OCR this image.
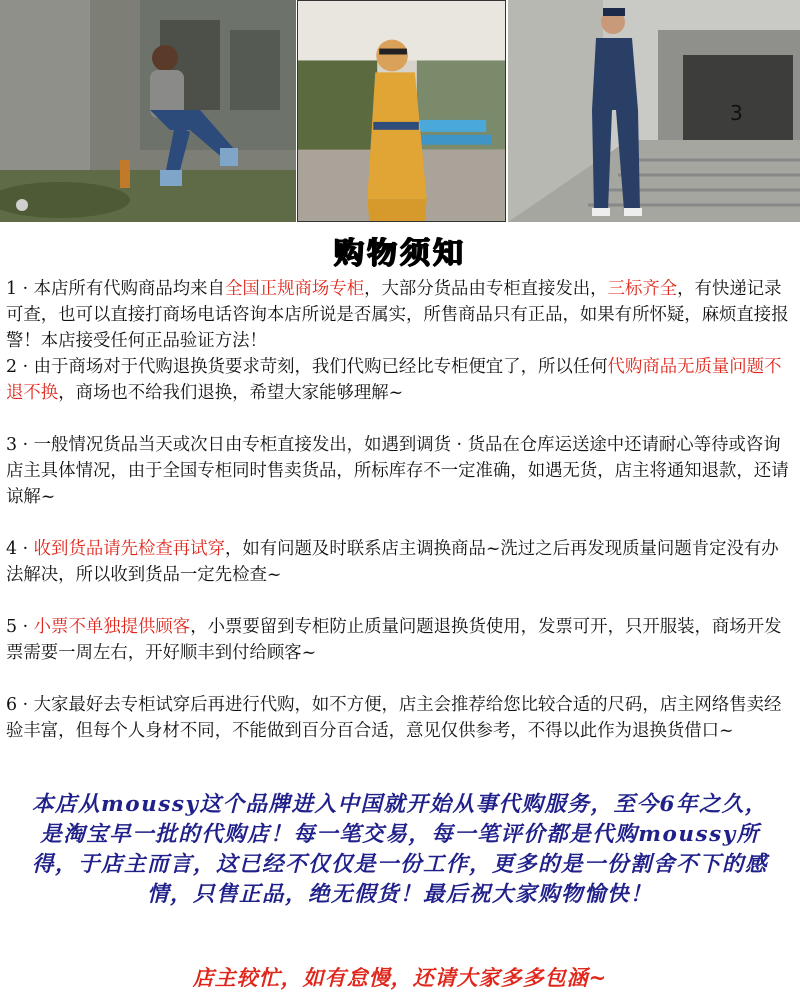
3
购物须知

1 · 本店所有代购商品均来自全国正规商场专柜，大部分货品由专柜直接发出，三标齐全，有快递记录可查，也可以直接打商场电话咨询本店所说是否属实，所售商品只有正品，如果有所怀疑，麻烦直接报警！本店接受任何正品验证方法！

2 · 由于商场对于代购退换货要求苛刻，我们代购已经比专柜便宜了，所以任何代购商品无质量问题不退不换，商场也不给我们退换，希望大家能够理解~

3 · 一般情况货品当天或次日由专柜直接发出，如遇到调货 · 货品在仓库运送途中还请耐心等待或咨询店主具体情况，由于全国专柜同时售卖货品，所标库存不一定准确，如遇无货，店主将通知退款，还请谅解~

4 · 收到货品请先检查再试穿，如有问题及时联系店主调换商品~洗过之后再发现质量问题肯定没有办法解决，所以收到货品一定先检查~

5 · 小票不单独提供顾客，小票要留到专柜防止质量问题退换货使用，发票可开，只开服装，商场开发票需要一周左右，开好顺丰到付给顾客~

6 · 大家最好去专柜试穿后再进行代购，如不方便，店主会推荐给您比较合适的尺码，店主网络售卖经验丰富，但每个人身材不同，不能做到百分百合适，意见仅供参考，不得以此作为退换货借口~

本店从moussy这个品牌进入中国就开始从事代购服务，至今6年之久，是淘宝早一批的代购店！每一笔交易，每一笔评价都是代购moussy所得，于店主而言，这已经不仅仅是一份工作，更多的是一份割舍不下的感情，只售正品，绝无假货！最后祝大家购物愉快！
店主较忙，如有怠慢，还请大家多多包涵~
